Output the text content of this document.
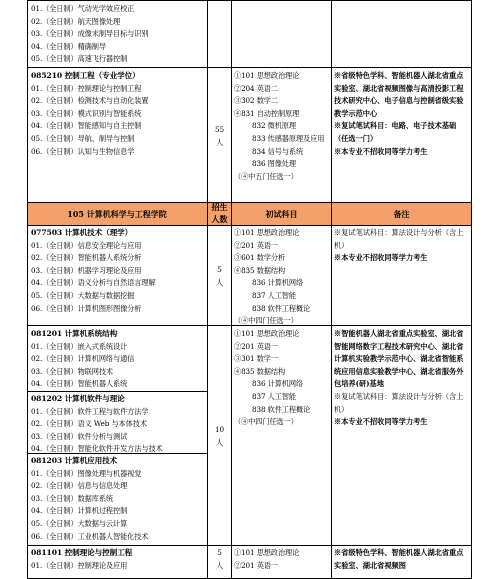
01.（全日制）气动光学效应校正
02.（全日制）航天图像处理
03.（全日制）成像末制导目标与识别
04.（全日制）精确制导
05.（全日制）高速飞行器控制
085210 控制工程（专业学位）
01.（全日制）控制理论与控制工程
02.（全日制）检测技术与自动化装置
03.（全日制）模式识别与智能系统
04.（全日制）智能感知与自主控制
05.（全日制）导航、制导与控制
06.（全日制）认知与生物信息学
55
人
①101 思想政治理论
②204 英语二
③302 数学二
④831 自动控制原理
832 微机原理
833 传感器原理及应用
834 信号与系统
836 图像处理
（④中五门任选一）
※省级特色学科、智能机器人湖北省重点实验室、湖北省视频图像与高清投影工程技术研究中心、电子信息与控制省级实验教学示范中心
※复试笔试科目：电路、电子技术基础（任选一门）
※本专业不招收同等学力考生
105 计算机科学与工程学院
招生
人数	初试科目	备注
077503 计算机技术（理学）
01.（全日制）信息安全理论与应用
02.（全日制）智能机器人系统分析
03.（全日制）机器学习理论及应用
04.（全日制）语义分析与自然语言理解
05.（全日制）大数据与数据挖掘
06.（全日制）计算机图形图像分析
5
人
①101 思想政治理论
②201 英语一
③601 数学分析
④835 数据结构
836 计算机网络
837 人工智能
838 软件工程概论
（④中四门任选一）
※复试笔试科目：算法设计与分析（含上机）
※本专业不招收同等学力考生
081201 计算机系统结构
01.（全日制）嵌入式系统设计
02.（全日制）计算机网络与通信
03.（全日制）物联网技术
04.（全日制）智能机器人系统
081202 计算机软件与理论
01.（全日制）软件工程与软件方法学
02.（全日制）语义 Web 与本体技术
03.（全日制）软件分析与测试
04.（全日制）智能化软件开发方法与技术
081203 计算机应用技术
01.（全日制）图像处理与机器视觉
02.（全日制）信息与信息处理
03.（全日制）数据库系统
04.（全日制）计算机过程控制
05.（全日制）大数据与云计算
06.（全日制）工业机器人智能化技术
10
人
①101 思想政治理论
②201 英语一
③301 数学一
④835 数据结构
836 计算机网络
837 人工智能
838 软件工程概论
（④中四门任选一）
※智能机器人湖北省重点实验室、湖北省智能网络数字工程技术研究中心、湖北省计算机实验教学示范中心、湖北省智能系统应用信息实验教学中心、湖北省服务外包培养(研)基地
※复试笔试科目：算法设计与分析（含上机）
※本专业不招收同等学力考生
081101 控制理论与控制工程
01.（全日制）控制理论及应用
5
人
①101 思想政治理论
②201 英语一
※省级特色学科、智能机器人湖北省重点实验室、湖北省视频图
